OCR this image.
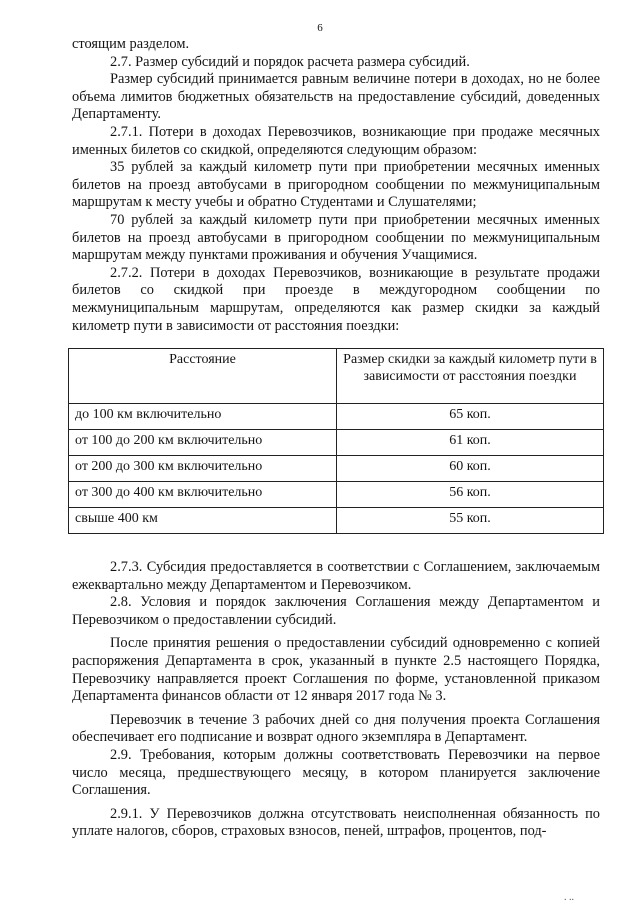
6

стоящим разделом.

2.7. Размер субсидий и порядок расчета размера субсидий.

Размер субсидий принимается равным величине потери в доходах, но не более объема лимитов бюджетных обязательств на предоставление субсидий, доведенных Департаменту.

2.7.1. Потери в доходах Перевозчиков, возникающие при продаже месячных именных билетов со скидкой, определяются следующим образом:

35 рублей за каждый километр пути при приобретении месячных именных билетов на проезд автобусами в пригородном сообщении по межмуниципальным маршрутам к месту учебы и обратно Студентами и Слушателями;

70 рублей за каждый километр пути при приобретении месячных именных билетов на проезд автобусами в пригородном сообщении по межмуниципальным маршрутам между пунктами проживания и обучения Учащимися.

2.7.2. Потери в доходах Перевозчиков, возникающие в результате продажи билетов со скидкой при проезде в междугородном сообщении по межмуниципальным маршрутам, определяются как размер скидки за каждый километр пути в зависимости от расстояния поездки:

Расстояние	Размер скидки за каждый километр пути в зависимости от расстояния поездки
до 100 км включительно	65 коп.
от 100 до 200 км включительно	61 коп.
от 200 до 300 км включительно	60 коп.
от 300 до 400 км включительно	56 коп.
свыше 400 км	55 коп.

2.7.3. Субсидия предоставляется в соответствии с Соглашением, заключаемым ежеквартально между Департаментом и Перевозчиком.

2.8. Условия и порядок заключения Соглашения между Департаментом и Перевозчиком о предоставлении субсидий.

После принятия решения о предоставлении субсидий одновременно с копией распоряжения Департамента в срок, указанный в пункте 2.5 настоящего Порядка, Перевозчику направляется проект Соглашения по форме, установленной приказом Департамента финансов области от 12 января 2017 года № 3.

Перевозчик в течение 3 рабочих дней со дня получения проекта Соглашения обеспечивает его подписание и возврат одного экземпляра в Департамент.

2.9. Требования, которым должны соответствовать Перевозчики на первое число месяца, предшествующего месяцу, в котором планируется заключение Соглашения.

2.9.1. У Перевозчиков должна отсутствовать неисполненная обязанность по уплате налогов, сборов, страховых взносов, пеней, штрафов, процентов, под-

. ..
